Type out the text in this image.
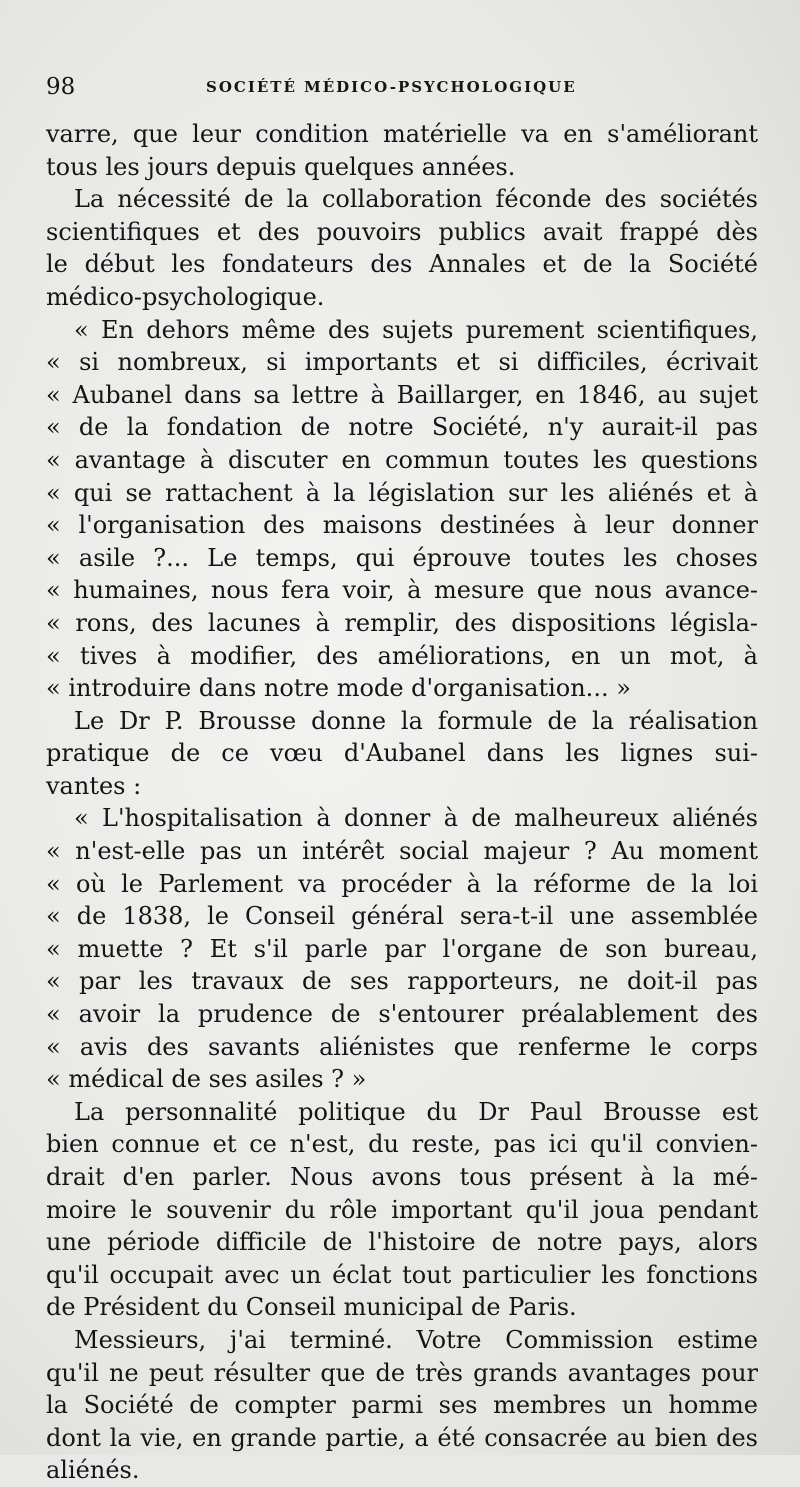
98	SOCIÉTÉ MÉDICO-PSYCHOLOGIQUE
varre, que leur condition matérielle va en s'améliorant
tous les jours depuis quelques années.
La nécessité de la collaboration féconde des sociétés
scientifiques et des pouvoirs publics avait frappé dès
le début les fondateurs des Annales et de la Société
médico-psychologique.
« En dehors même des sujets purement scientifiques,
« si nombreux, si importants et si difficiles, écrivait
« Aubanel dans sa lettre à Baillarger, en 1846, au sujet
« de la fondation de notre Société, n'y aurait-il pas
« avantage à discuter en commun toutes les questions
« qui se rattachent à la législation sur les aliénés et à
« l'organisation des maisons destinées à leur donner
« asile ?... Le temps, qui éprouve toutes les choses
« humaines, nous fera voir, à mesure que nous avance-
« rons, des lacunes à remplir, des dispositions législa-
« tives à modifier, des améliorations, en un mot, à
« introduire dans notre mode d'organisation... »
Le Dr P. Brousse donne la formule de la réalisation
pratique de ce vœu d'Aubanel dans les lignes sui-
vantes :
« L'hospitalisation à donner à de malheureux aliénés
« n'est-elle pas un intérêt social majeur ? Au moment
« où le Parlement va procéder à la réforme de la loi
« de 1838, le Conseil général sera-t-il une assemblée
« muette ? Et s'il parle par l'organe de son bureau,
« par les travaux de ses rapporteurs, ne doit-il pas
« avoir la prudence de s'entourer préalablement des
« avis des savants aliénistes que renferme le corps
« médical de ses asiles ? »
La personnalité politique du Dr Paul Brousse est
bien connue et ce n'est, du reste, pas ici qu'il convien-
drait d'en parler. Nous avons tous présent à la mé-
moire le souvenir du rôle important qu'il joua pendant
une période difficile de l'histoire de notre pays, alors
qu'il occupait avec un éclat tout particulier les fonctions
de Président du Conseil municipal de Paris.
Messieurs, j'ai terminé. Votre Commission estime
qu'il ne peut résulter que de très grands avantages pour
la Société de compter parmi ses membres un homme
dont la vie, en grande partie, a été consacrée au bien des
aliénés.
